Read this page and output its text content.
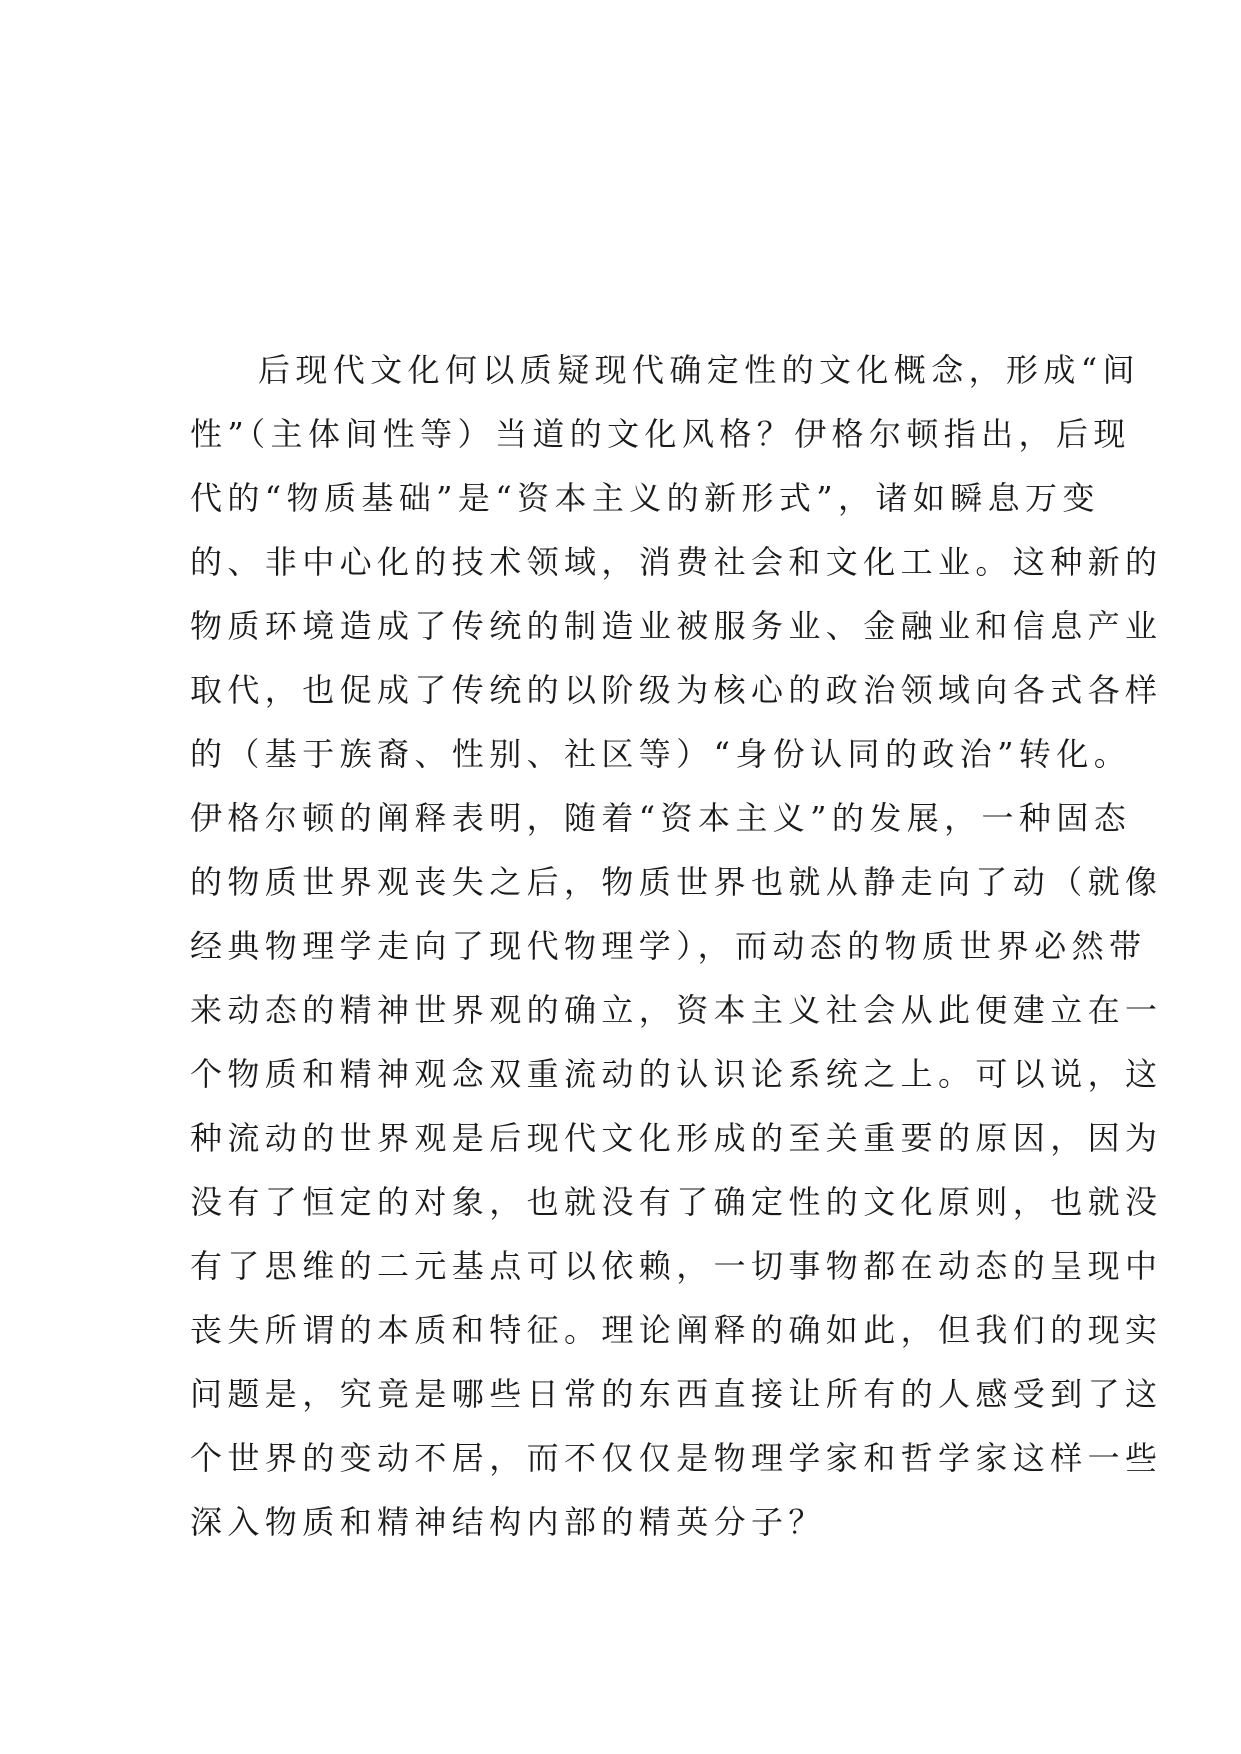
后现代文化何以质疑现代确定性的文化概念，形成“间
性”（主体间性等）当道的文化风格？伊格尔顿指出，后现
代的“物质基础”是“资本主义的新形式”，诸如瞬息万变
的、非中心化的技术领域，消费社会和文化工业。这种新的
物质环境造成了传统的制造业被服务业、金融业和信息产业
取代，也促成了传统的以阶级为核心的政治领域向各式各样
的（基于族裔、性别、社区等）“身份认同的政治”转化。
伊格尔顿的阐释表明，随着“资本主义”的发展，一种固态
的物质世界观丧失之后，物质世界也就从静走向了动（就像
经典物理学走向了现代物理学），而动态的物质世界必然带
来动态的精神世界观的确立，资本主义社会从此便建立在一
个物质和精神观念双重流动的认识论系统之上。可以说，这
种流动的世界观是后现代文化形成的至关重要的原因，因为
没有了恒定的对象，也就没有了确定性的文化原则，也就没
有了思维的二元基点可以依赖，一切事物都在动态的呈现中
丧失所谓的本质和特征。理论阐释的确如此，但我们的现实
问题是，究竟是哪些日常的东西直接让所有的人感受到了这
个世界的变动不居，而不仅仅是物理学家和哲学家这样一些
深入物质和精神结构内部的精英分子？
